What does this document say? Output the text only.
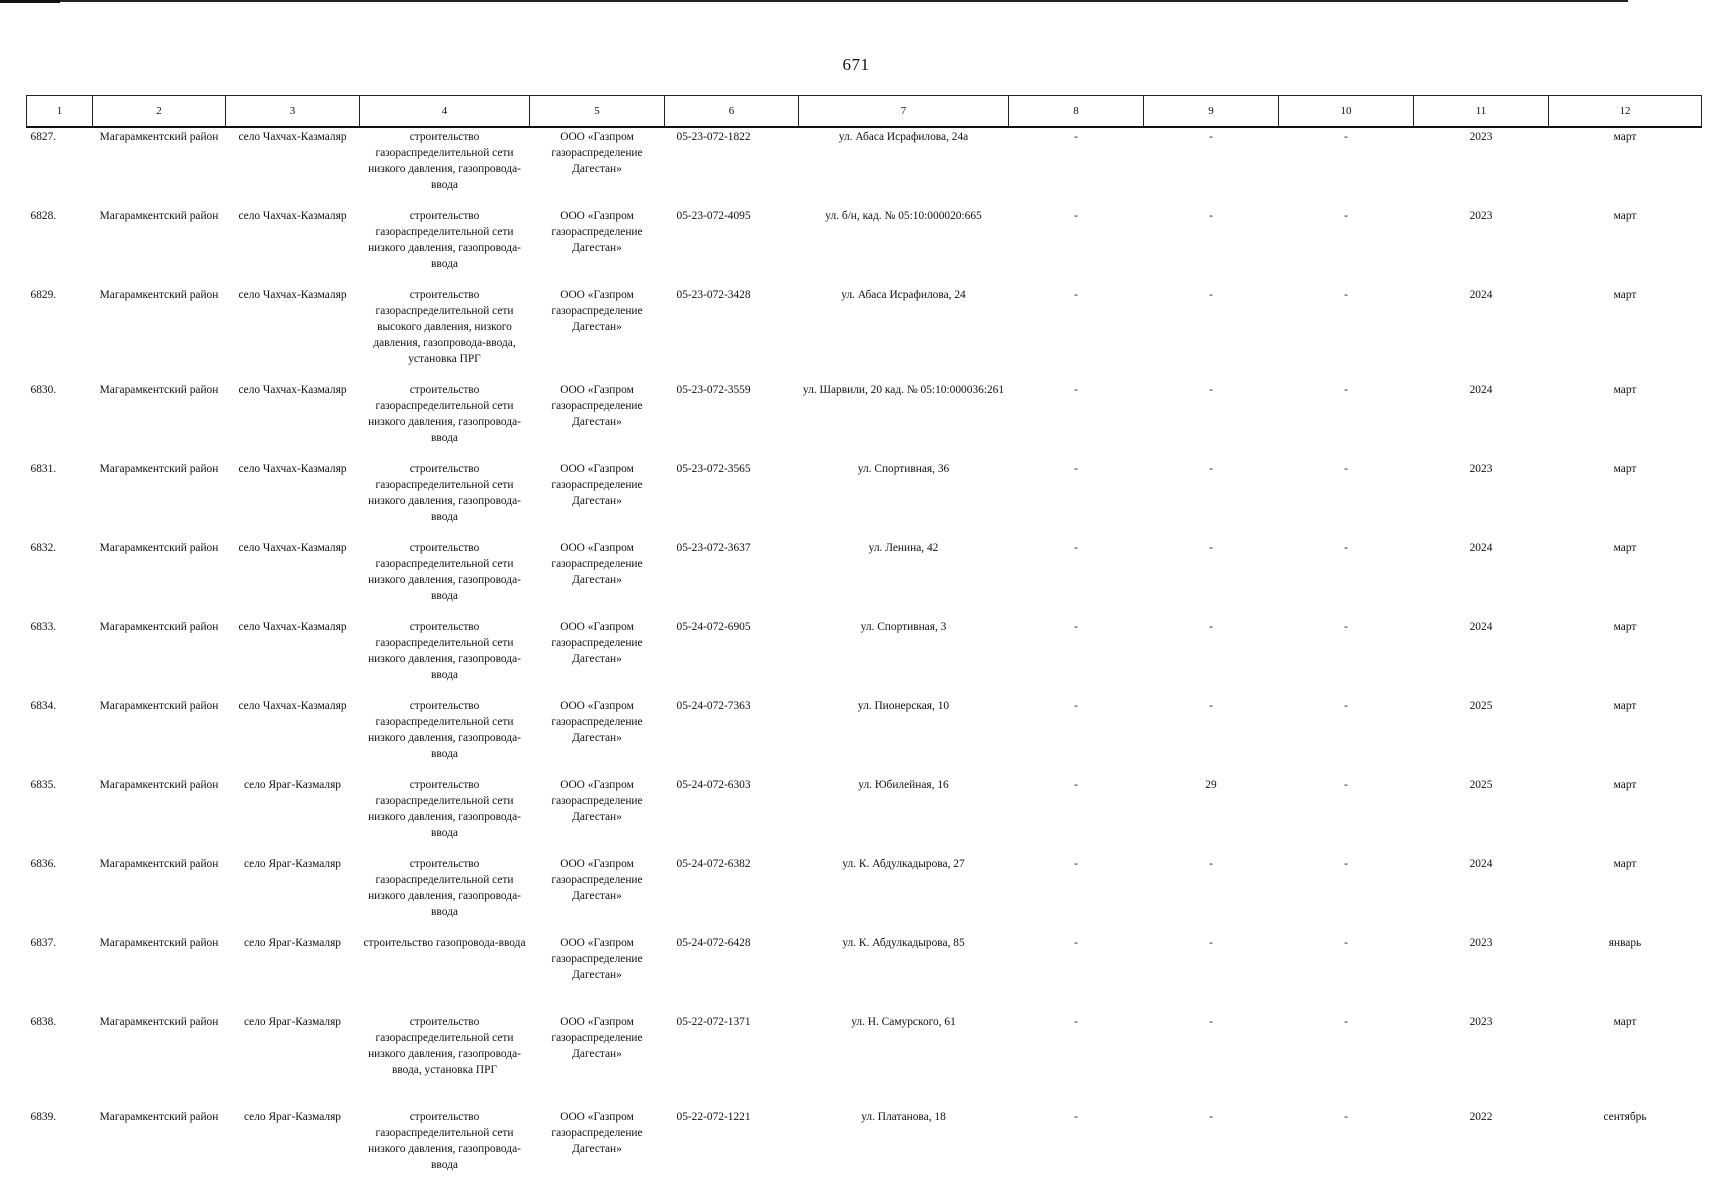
671
1	2	3	4	5	6	7	8	9	10	11	12
6827.	Магарамкентский район	село Чахчах-Казмаляр	строительство газораспределительной сети низкого давления, газопровода-ввода	ООО «Газпром газораспределение Дагестан»	05-23-072-1822	ул. Абаса Исрафилова, 24а	-	-	-	2023	март
6828.	Магарамкентский район	село Чахчах-Казмаляр	строительство газораспределительной сети низкого давления, газопровода-ввода	ООО «Газпром газораспределение Дагестан»	05-23-072-4095	ул. б/н, кад. № 05:10:000020:665	-	-	-	2023	март
6829.	Магарамкентский район	село Чахчах-Казмаляр	строительство газораспределительной сети высокого давления, низкого давления, газопровода-ввода, установка ПРГ	ООО «Газпром газораспределение Дагестан»	05-23-072-3428	ул. Абаса Исрафилова, 24	-	-	-	2024	март
6830.	Магарамкентский район	село Чахчах-Казмаляр	строительство газораспределительной сети низкого давления, газопровода-ввода	ООО «Газпром газораспределение Дагестан»	05-23-072-3559	ул. Шарвили, 20 кад. № 05:10:000036:261	-	-	-	2024	март
6831.	Магарамкентский район	село Чахчах-Казмаляр	строительство газораспределительной сети низкого давления, газопровода-ввода	ООО «Газпром газораспределение Дагестан»	05-23-072-3565	ул. Спортивная, 36	-	-	-	2023	март
6832.	Магарамкентский район	село Чахчах-Казмаляр	строительство газораспределительной сети низкого давления, газопровода-ввода	ООО «Газпром газораспределение Дагестан»	05-23-072-3637	ул. Ленина, 42	-	-	-	2024	март
6833.	Магарамкентский район	село Чахчах-Казмаляр	строительство газораспределительной сети низкого давления, газопровода-ввода	ООО «Газпром газораспределение Дагестан»	05-24-072-6905	ул. Спортивная, 3	-	-	-	2024	март
6834.	Магарамкентский район	село Чахчах-Казмаляр	строительство газораспределительной сети низкого давления, газопровода-ввода	ООО «Газпром газораспределение Дагестан»	05-24-072-7363	ул. Пионерская, 10	-	-	-	2025	март
6835.	Магарамкентский район	село Яраг-Казмаляр	строительство газораспределительной сети низкого давления, газопровода-ввода	ООО «Газпром газораспределение Дагестан»	05-24-072-6303	ул. Юбилейная, 16	-	29	-	2025	март
6836.	Магарамкентский район	село Яраг-Казмаляр	строительство газораспределительной сети низкого давления, газопровода-ввода	ООО «Газпром газораспределение Дагестан»	05-24-072-6382	ул. К. Абдулкадырова, 27	-	-	-	2024	март
6837.	Магарамкентский район	село Яраг-Казмаляр	строительство газопровода-ввода	ООО «Газпром газораспределение Дагестан»	05-24-072-6428	ул. К. Абдулкадырова, 85	-	-	-	2023	январь
6838.	Магарамкентский район	село Яраг-Казмаляр	строительство газораспределительной сети низкого давления, газопровода-ввода, установка ПРГ	ООО «Газпром газораспределение Дагестан»	05-22-072-1371	ул. Н. Самурского, 61	-	-	-	2023	март
6839.	Магарамкентский район	село Яраг-Казмаляр	строительство газораспределительной сети низкого давления, газопровода-ввода	ООО «Газпром газораспределение Дагестан»	05-22-072-1221	ул. Платанова, 18	-	-	-	2022	сентябрь
